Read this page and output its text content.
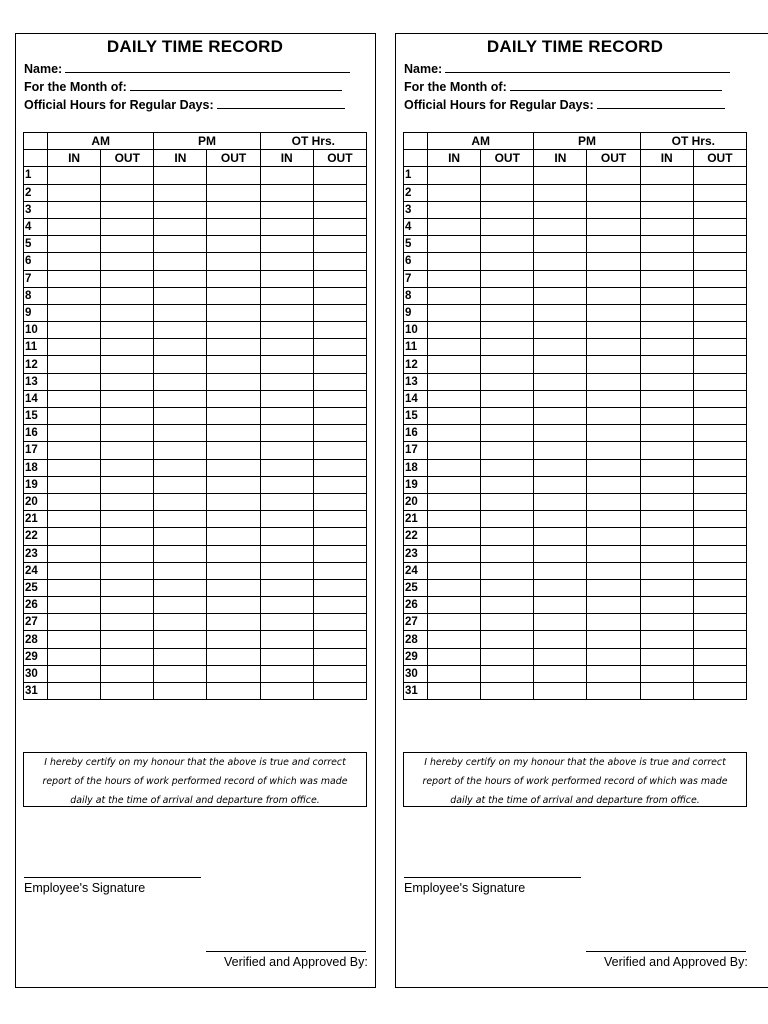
DAILY TIME RECORD
Name:
For the Month of:
Official Hours for Regular Days:
	AM		PM		OT Hrs.	
	IN	OUT	IN	OUT	IN	OUT
1						
2						
3						
4						
5						
6						
7						
8						
9						
10						
11						
12						
13						
14						
15						
16						
17						
18						
19						
20						
21						
22						
23						
24						
25						
26						
27						
28						
29						
30						
31						
I hereby certify on my honour that the above is true and correct
report of the hours of work performed record of which was made
daily at the time of arrival and departure from office.
Employee's Signature
Verified and Approved By:
DAILY TIME RECORD
Name:
For the Month of:
Official Hours for Regular Days:
	AM		PM		OT Hrs.	
	IN	OUT	IN	OUT	IN	OUT
1						
2						
3						
4						
5						
6						
7						
8						
9						
10						
11						
12						
13						
14						
15						
16						
17						
18						
19						
20						
21						
22						
23						
24						
25						
26						
27						
28						
29						
30						
31						
I hereby certify on my honour that the above is true and correct
report of the hours of work performed record of which was made
daily at the time of arrival and departure from office.
Employee's Signature
Verified and Approved By:
